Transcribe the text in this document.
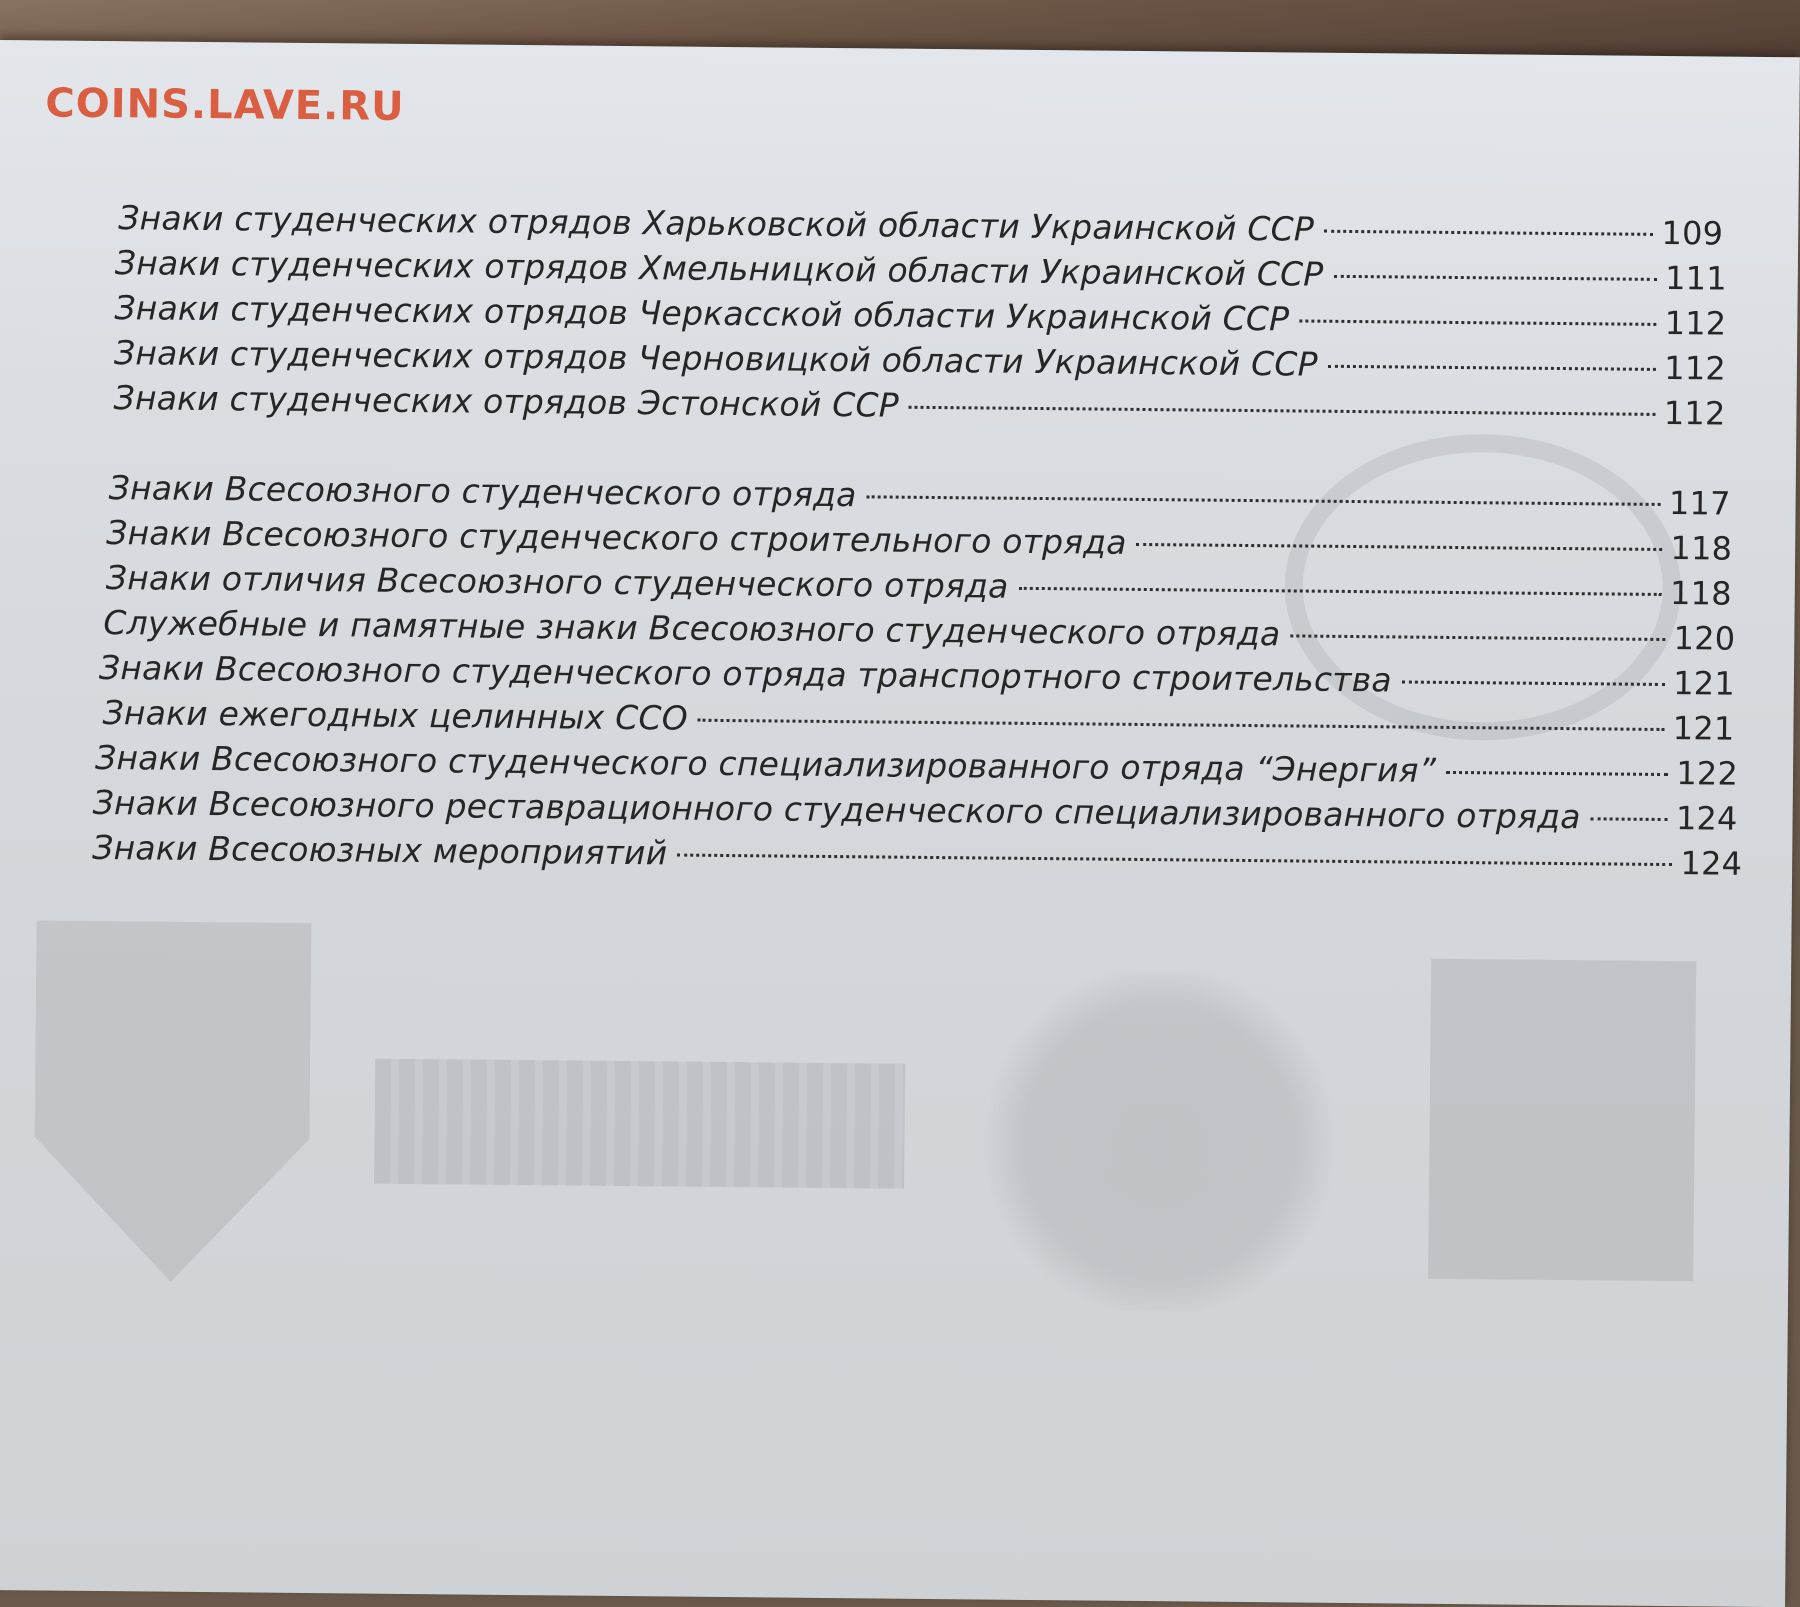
COINS.LAVE.RU
Знаки студенческих отрядов Харьковской области Украинской ССР	109
Знаки студенческих отрядов Хмельницкой области Украинской ССР	111
Знаки студенческих отрядов Черкасской области Украинской ССР	112
Знаки студенческих отрядов Черновицкой области Украинской ССР	112
Знаки студенческих отрядов Эстонской ССР	112
Знаки Всесоюзного студенческого отряда	117
Знаки Всесоюзного студенческого строительного отряда	118
Знаки отличия Всесоюзного студенческого отряда	118
Служебные и памятные знаки Всесоюзного студенческого отряда	120
Знаки Всесоюзного студенческого отряда транспортного строительства	121
Знаки ежегодных целинных ССО	121
Знаки Всесоюзного студенческого специализированного отряда “Энергия”	122
Знаки Всесоюзного реставрационного студенческого специализированного отряда	124
Знаки Всесоюзных мероприятий	124
